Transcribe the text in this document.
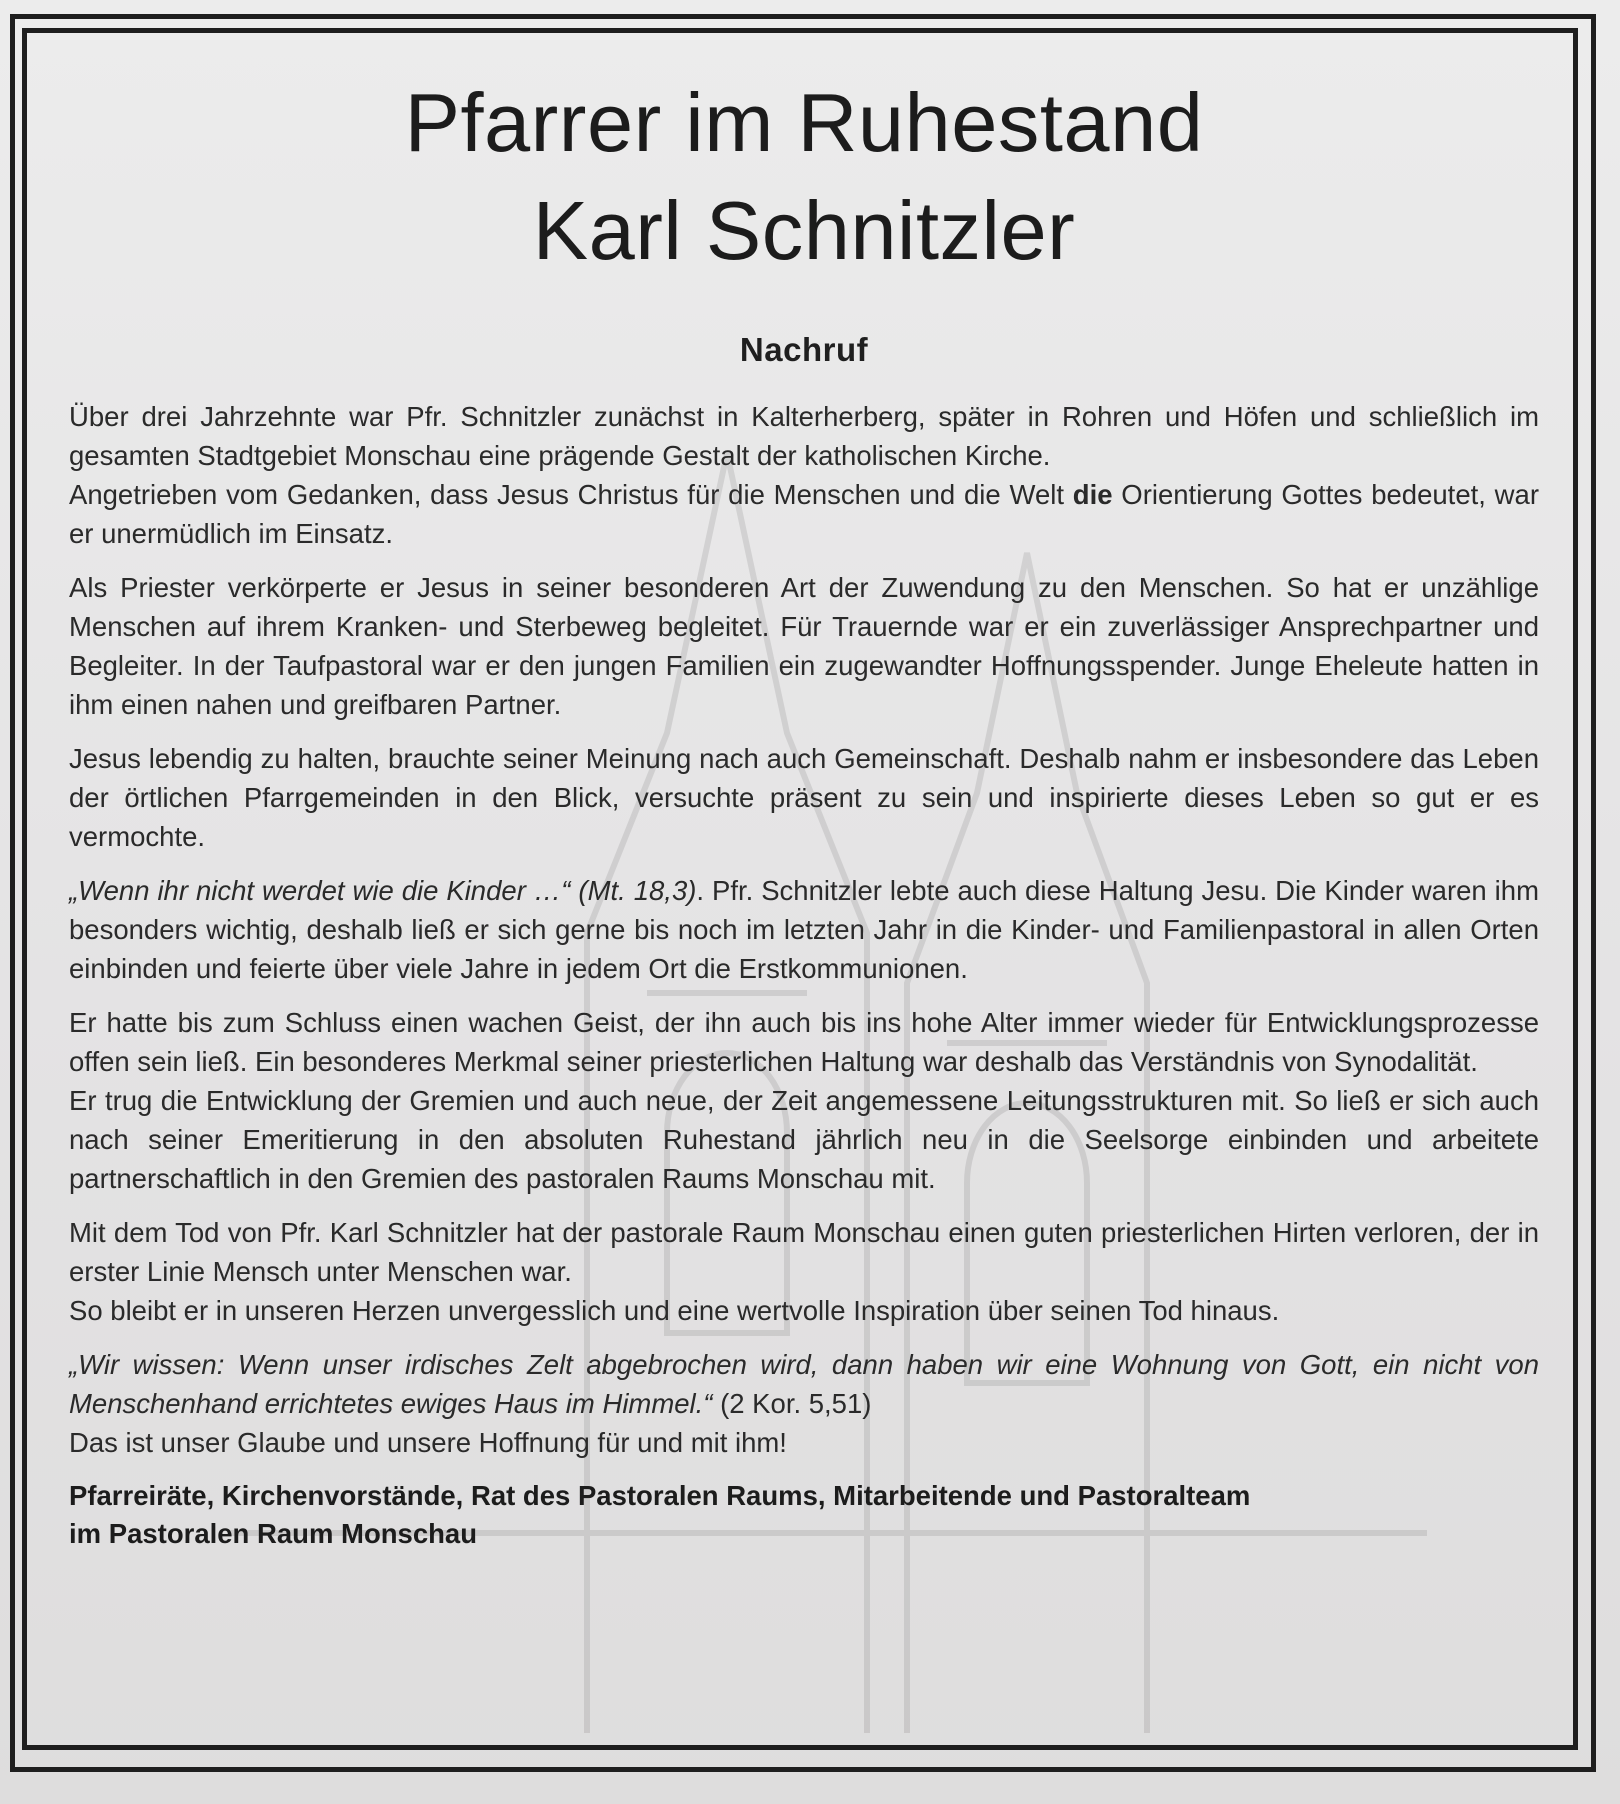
Pfarrer im Ruhestand
Karl Schnitzler
Nachruf

Über drei Jahrzehnte war Pfr. Schnitzler zunächst in Kalterherberg, später in Rohren und Höfen und schließlich im gesamten Stadtgebiet Monschau eine prägende Gestalt der katholischen Kirche.

Angetrieben vom Gedanken, dass Jesus Christus für die Menschen und die Welt die Orientierung Gottes bedeutet, war er unermüdlich im Einsatz.

Als Priester verkörperte er Jesus in seiner besonderen Art der Zuwendung zu den Menschen. So hat er unzählige Menschen auf ihrem Kranken- und Sterbeweg begleitet. Für Trauernde war er ein zuverlässiger Ansprechpartner und Begleiter. In der Taufpastoral war er den jungen Familien ein zugewandter Hoffnungsspender. Junge Eheleute hatten in ihm einen nahen und greifbaren Partner.

Jesus lebendig zu halten, brauchte seiner Meinung nach auch Gemeinschaft. Deshalb nahm er insbesondere das Leben der örtlichen Pfarrgemeinden in den Blick, versuchte präsent zu sein und inspirierte dieses Leben so gut er es vermochte.

„Wenn ihr nicht werdet wie die Kinder …“ (Mt. 18,3). Pfr. Schnitzler lebte auch diese Haltung Jesu. Die Kinder waren ihm besonders wichtig, deshalb ließ er sich gerne bis noch im letzten Jahr in die Kinder- und Familienpastoral in allen Orten einbinden und feierte über viele Jahre in jedem Ort die Erstkommunionen.

Er hatte bis zum Schluss einen wachen Geist, der ihn auch bis ins hohe Alter immer wieder für Entwicklungsprozesse offen sein ließ. Ein besonderes Merkmal seiner priesterlichen Haltung war deshalb das Verständnis von Synodalität.

Er trug die Entwicklung der Gremien und auch neue, der Zeit angemessene Leitungsstrukturen mit. So ließ er sich auch nach seiner Emeritierung in den absoluten Ruhestand jährlich neu in die Seelsorge einbinden und arbeitete partnerschaftlich in den Gremien des pastoralen Raums Monschau mit.

Mit dem Tod von Pfr. Karl Schnitzler hat der pastorale Raum Monschau einen guten priesterlichen Hirten verloren, der in erster Linie Mensch unter Menschen war.

So bleibt er in unseren Herzen unvergesslich und eine wertvolle Inspiration über seinen Tod hinaus.

„Wir wissen: Wenn unser irdisches Zelt abgebrochen wird, dann haben wir eine Wohnung von Gott, ein nicht von Menschenhand errichtetes ewiges Haus im Himmel.“ (2 Kor. 5,51)

Das ist unser Glaube und unsere Hoffnung für und mit ihm!

Pfarreiräte, Kirchenvorstände, Rat des Pastoralen Raums, Mitarbeitende und Pastoralteam
im Pastoralen Raum Monschau
